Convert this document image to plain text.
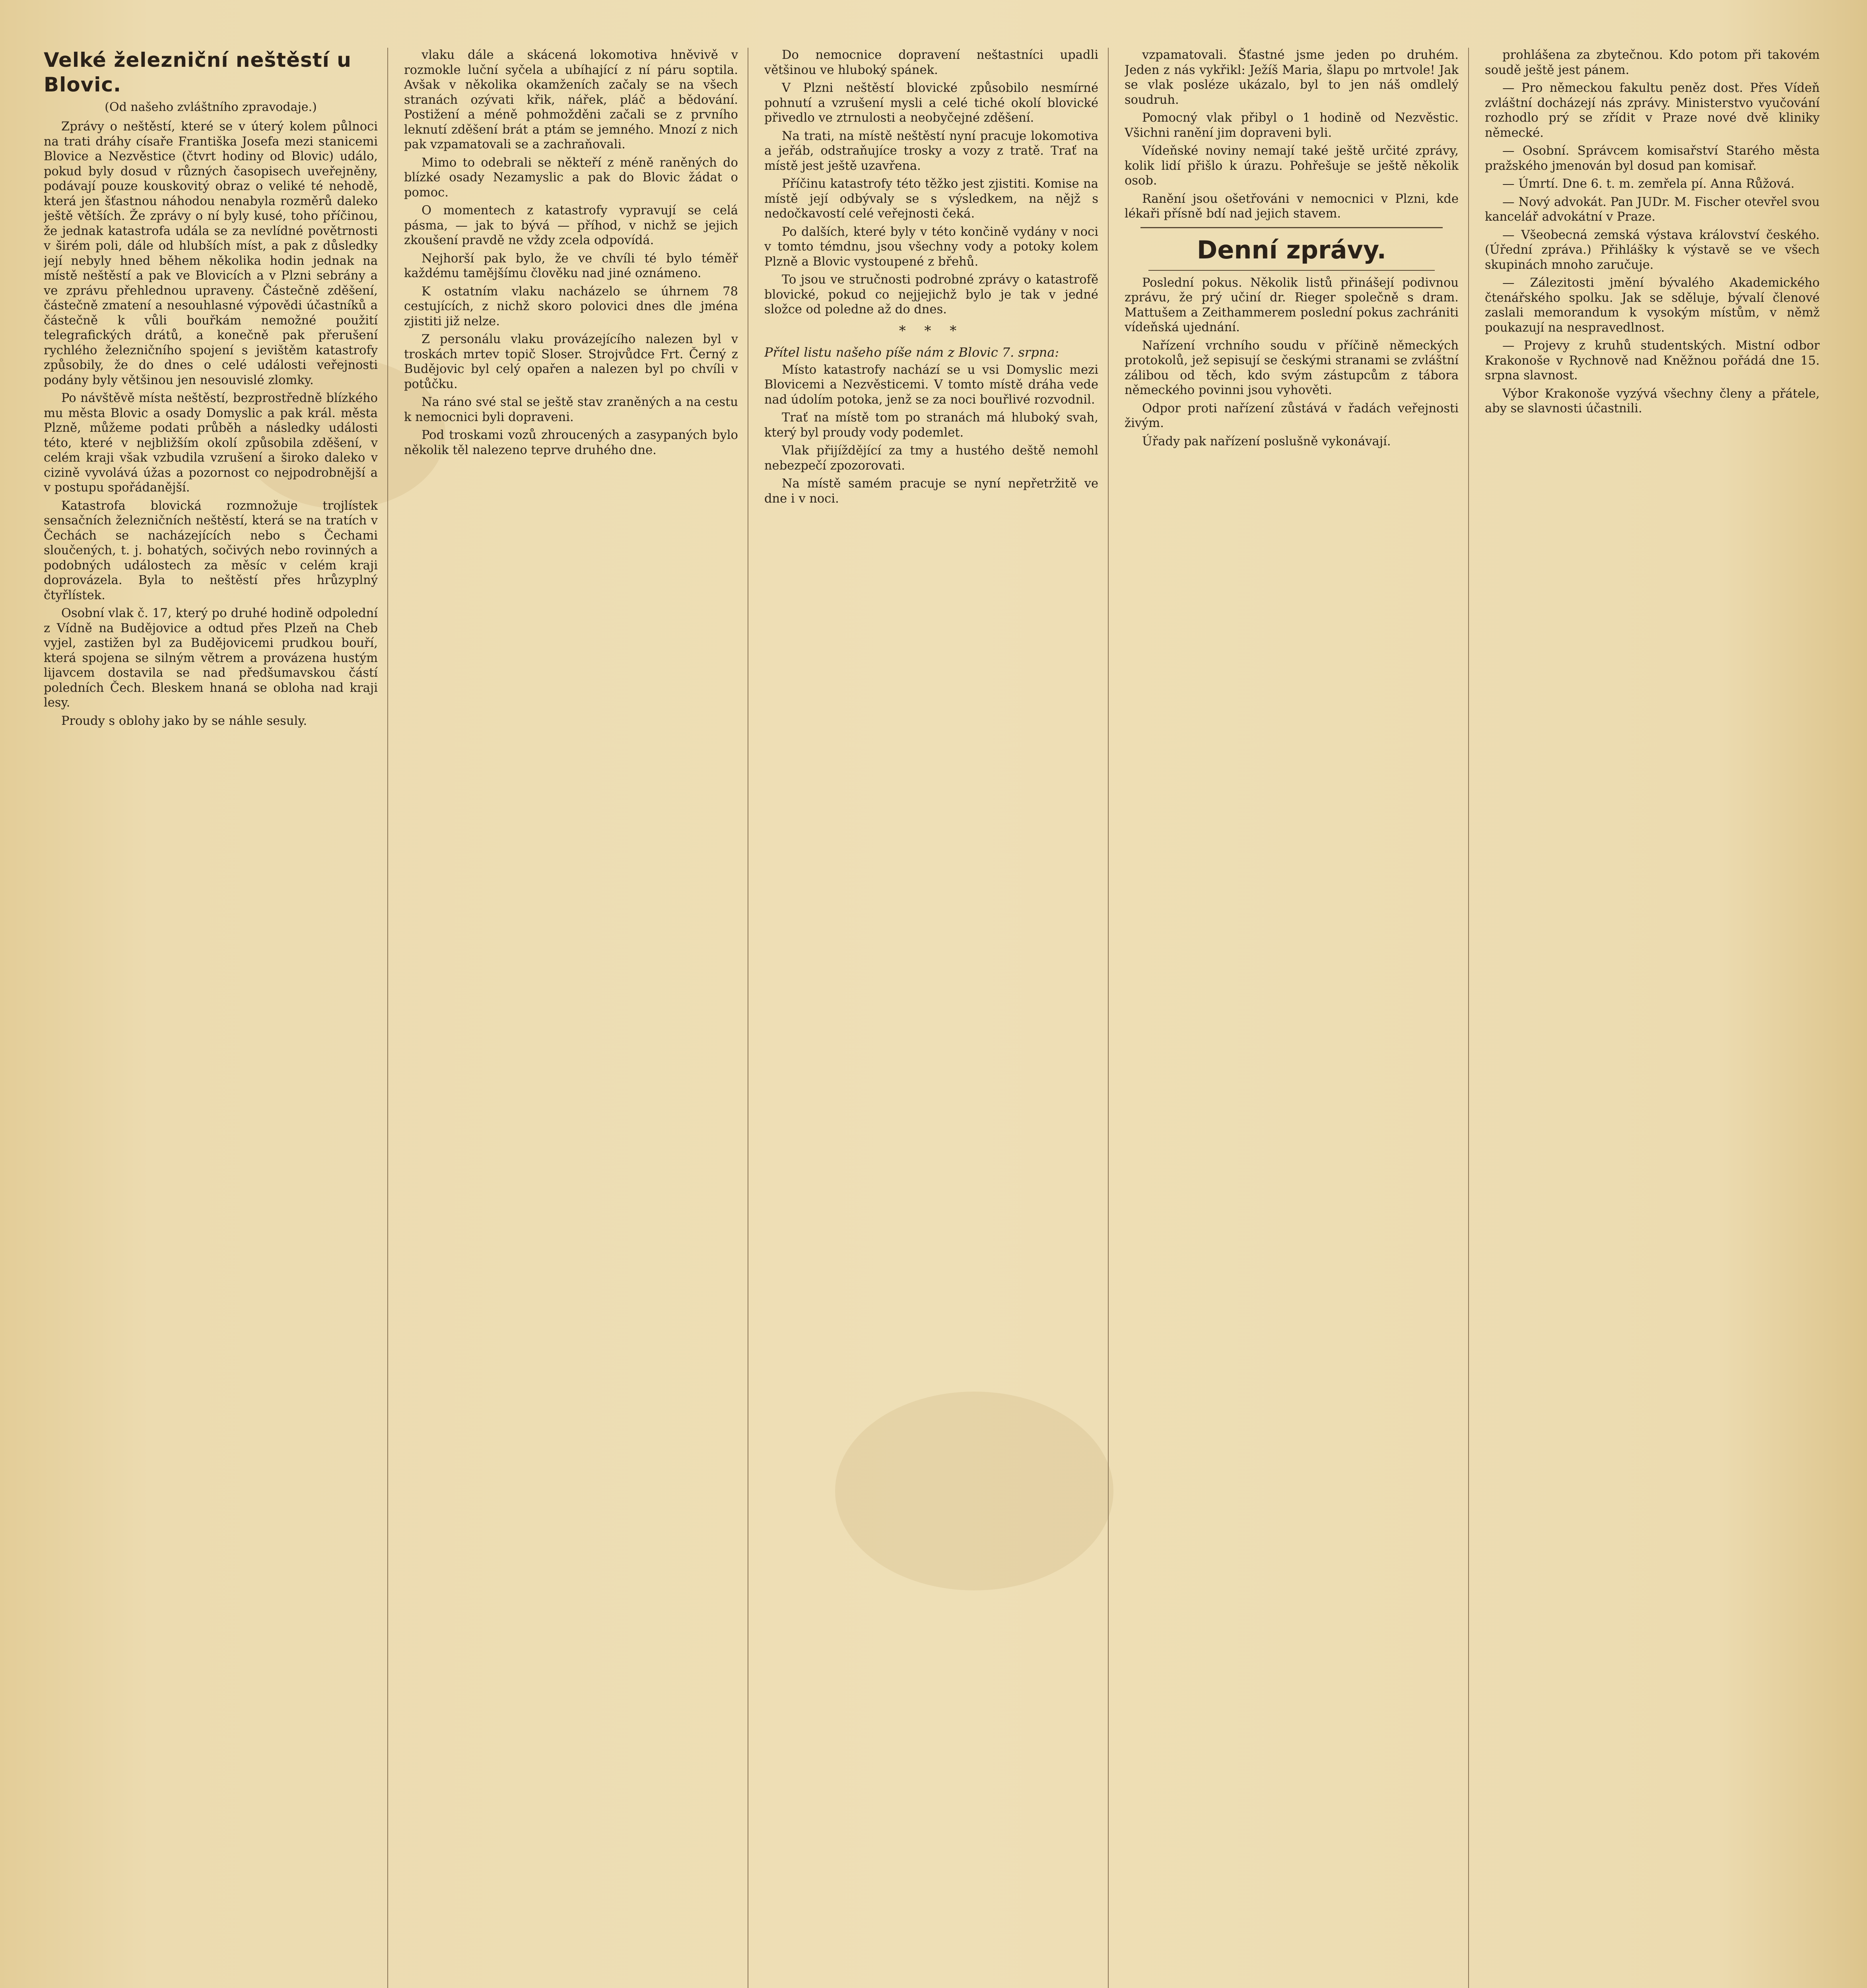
Velké železniční neštěstí u Blovic.
(Od našeho zvláštního zpravodaje.)

Zprávy o neštěstí, které se v úterý kolem půlnoci na trati dráhy císaře Františka Josefa mezi stanicemi Blovice a Nezvěstice (čtvrt hodiny od Blovic) událo, pokud byly dosud v různých časopisech uveřejněny, podávají pouze kouskovitý obraz o veliké té nehodě, která jen šťastnou náhodou nenabyla rozměrů daleko ještě větších. Že zprávy o ní byly kusé, toho příčinou, že jednak katastrofa udála se za nevlídné povětrnosti v širém poli, dále od hlubších míst, a pak z důsledky její nebyly hned během několika hodin jednak na místě neštěstí a pak ve Blovicích a v Plzni sebrány a ve zprávu přehlednou upraveny. Částečně zděšení, částečně zmatení a nesouhlasné výpovědi účastníků a částečně k vůli bouřkám nemožné použití telegrafických drátů, a konečně pak přerušení rychlého železničního spojení s jevištěm katastrofy způsobily, že do dnes o celé události veřejnosti podány byly většinou jen nesouvislé zlomky.

Po návštěvě místa neštěstí, bezprostředně blízkého mu města Blovic a osady Domyslic a pak král. města Plzně, můžeme podati průběh a následky události této, které v nejbližším okolí způsobila zděšení, v celém kraji však vzbudila vzrušení a široko daleko v cizině vyvolává úžas a pozornost co nejpodrobnější a v postupu spořádanější.

Katastrofa blovická rozmnožuje trojlístek sensačních železničních neštěstí, která se na tratích v Čechách se nacházejících nebo s Čechami sloučených, t. j. bohatých, sočivých nebo rovinných a podobných událostech za měsíc v celém kraji doprovázela. Byla to neštěstí přes hrůzyplný čtyřlístek.

Osobní vlak č. 17, který po druhé hodině odpolední z Vídně na Budějovice a odtud přes Plzeň na Cheb vyjel, zastižen byl za Budějovicemi prudkou bouří, která spojena se silným větrem a provázena hustým lijavcem dostavila se nad předšumavskou částí poledních Čech. Bleskem hnaná se obloha nad kraji lesy.

Proudy s oblohy jako by se náhle sesuly.

vlaku dále a skácená lokomotiva hněvivě v rozmokle luční syčela a ubíhající z ní páru soptila. Avšak v několika okamženích začaly se na všech stranách ozývati křik, nářek, pláč a bědování. Postižení a méně pohmožděni začali se z prvního leknutí zděšení brát a ptám se jemného. Mnozí z nich pak vzpamatovali se a zachraňovali.

Mimo to odebrali se někteří z méně raněných do blízké osady Nezamyslic a pak do Blovic žádat o pomoc.

O momentech z katastrofy vypravují se celá pásma, — jak to bývá — příhod, v nichž se jejich zkoušení pravdě ne vždy zcela odpovídá.

Nejhorší pak bylo, že ve chvíli té bylo téměř každému tamějšímu člověku nad jiné oznámeno.

K ostatním vlaku nacházelo se úhrnem 78 cestujících, z nichž skoro polovici dnes dle jména zjistiti již nelze.

Z personálu vlaku provázejícího nalezen byl v troskách mrtev topič Sloser. Strojvůdce Frt. Černý z Budějovic byl celý opařen a nalezen byl po chvíli v potůčku.

Na ráno své stal se ještě stav zraněných a na cestu k nemocnici byli dopraveni.

Pod troskami vozů zhroucených a zasypaných bylo několik těl nalezeno teprve druhého dne.

Do nemocnice dopravení neštastníci upadli většinou ve hluboký spánek.

V Plzni neštěstí blovické způsobilo nesmírné pohnutí a vzrušení mysli a celé tiché okolí blovické přivedlo ve ztrnulosti a neobyčejné zděšení.

Na trati, na místě neštěstí nyní pracuje lokomotiva a jeřáb, odstraňujíce trosky a vozy z tratě. Trať na místě jest ještě uzavřena.

Příčinu katastrofy této těžko jest zjistiti. Komise na místě její odbývaly se s výsledkem, na nějž s nedočkavostí celé veřejnosti čeká.

Po dalších, které byly v této končině vydány v noci v tomto témdnu, jsou všechny vody a potoky kolem Plzně a Blovic vystoupené z břehů.

To jsou ve stručnosti podrobné zprávy o katastrofě blovické, pokud co nejjejichž bylo je tak v jedné složce od poledne až do dnes.

* * *

Přítel listu našeho píše nám z Blovic 7. srpna:

Místo katastrofy nachází se u vsi Domyslic mezi Blovicemi a Nezvěsticemi. V tomto místě dráha vede nad údolím potoka, jenž se za noci bouřlivé rozvodnil.

Trať na místě tom po stranách má hluboký svah, který byl proudy vody podemlet.

Vlak přijíždějící za tmy a hustého deště nemohl nebezpečí zpozorovati.

Na místě samém pracuje se nyní nepřetržitě ve dne i v noci.

vzpamatovali. Šťastné jsme jeden po druhém. Jeden z nás vykřikl: Ježíš Maria, šlapu po mrtvole! Jak se vlak posléze ukázalo, byl to jen náš omdlelý soudruh.

Pomocný vlak přibyl o 1 hodině od Nezvěstic. Všichni ranění jim dopraveni byli.

Vídeňské noviny nemají také ještě určité zprávy, kolik lidí přišlo k úrazu. Pohřešuje se ještě několik osob.

Ranění jsou ošetřováni v nemocnici v Plzni, kde lékaři přísně bdí nad jejich stavem.

Denní zprávy.

Poslední pokus. Několik listů přinášejí podivnou zprávu, že prý učiní dr. Rieger společně s dram. Mattušem a Zeithammerem poslední pokus zachrániti vídeňská ujednání.

Nařízení vrchního soudu v příčině německých protokolů, jež sepisují se českými stranami se zvláštní zálibou od těch, kdo svým zástupcům z tábora německého povinni jsou vyhověti.

Odpor proti nařízení zůstává v řadách veřejnosti živým.

Úřady pak nařízení poslušně vykonávají.

prohlášena za zbytečnou. Kdo potom při takovém soudě ještě jest pánem.

— Pro německou fakultu peněz dost. Přes Vídeň zvláštní docházejí nás zprávy. Ministerstvo vyučování rozhodlo prý se zřídit v Praze nové dvě kliniky německé.

— Osobní. Správcem komisařství Starého města pražského jmenován byl dosud pan komisař.

— Úmrtí. Dne 6. t. m. zemřela pí. Anna Růžová.

— Nový advokát. Pan JUDr. M. Fischer otevřel svou kancelář advokátní v Praze.

— Všeobecná zemská výstava království českého. (Úřední zpráva.) Přihlášky k výstavě se ve všech skupinách mnoho zaručuje.

— Zálezitosti jmění bývalého Akademického čtenářského spolku. Jak se sděluje, bývalí členové zaslali memorandum k vysokým místům, v němž poukazují na nespravedlnost.

— Projevy z kruhů studentských. Mistní odbor Krakonoše v Rychnově nad Kněžnou pořádá dne 15. srpna slavnost.

Výbor Krakonoše vyzývá všechny členy a přátele, aby se slavnosti účastnili.
